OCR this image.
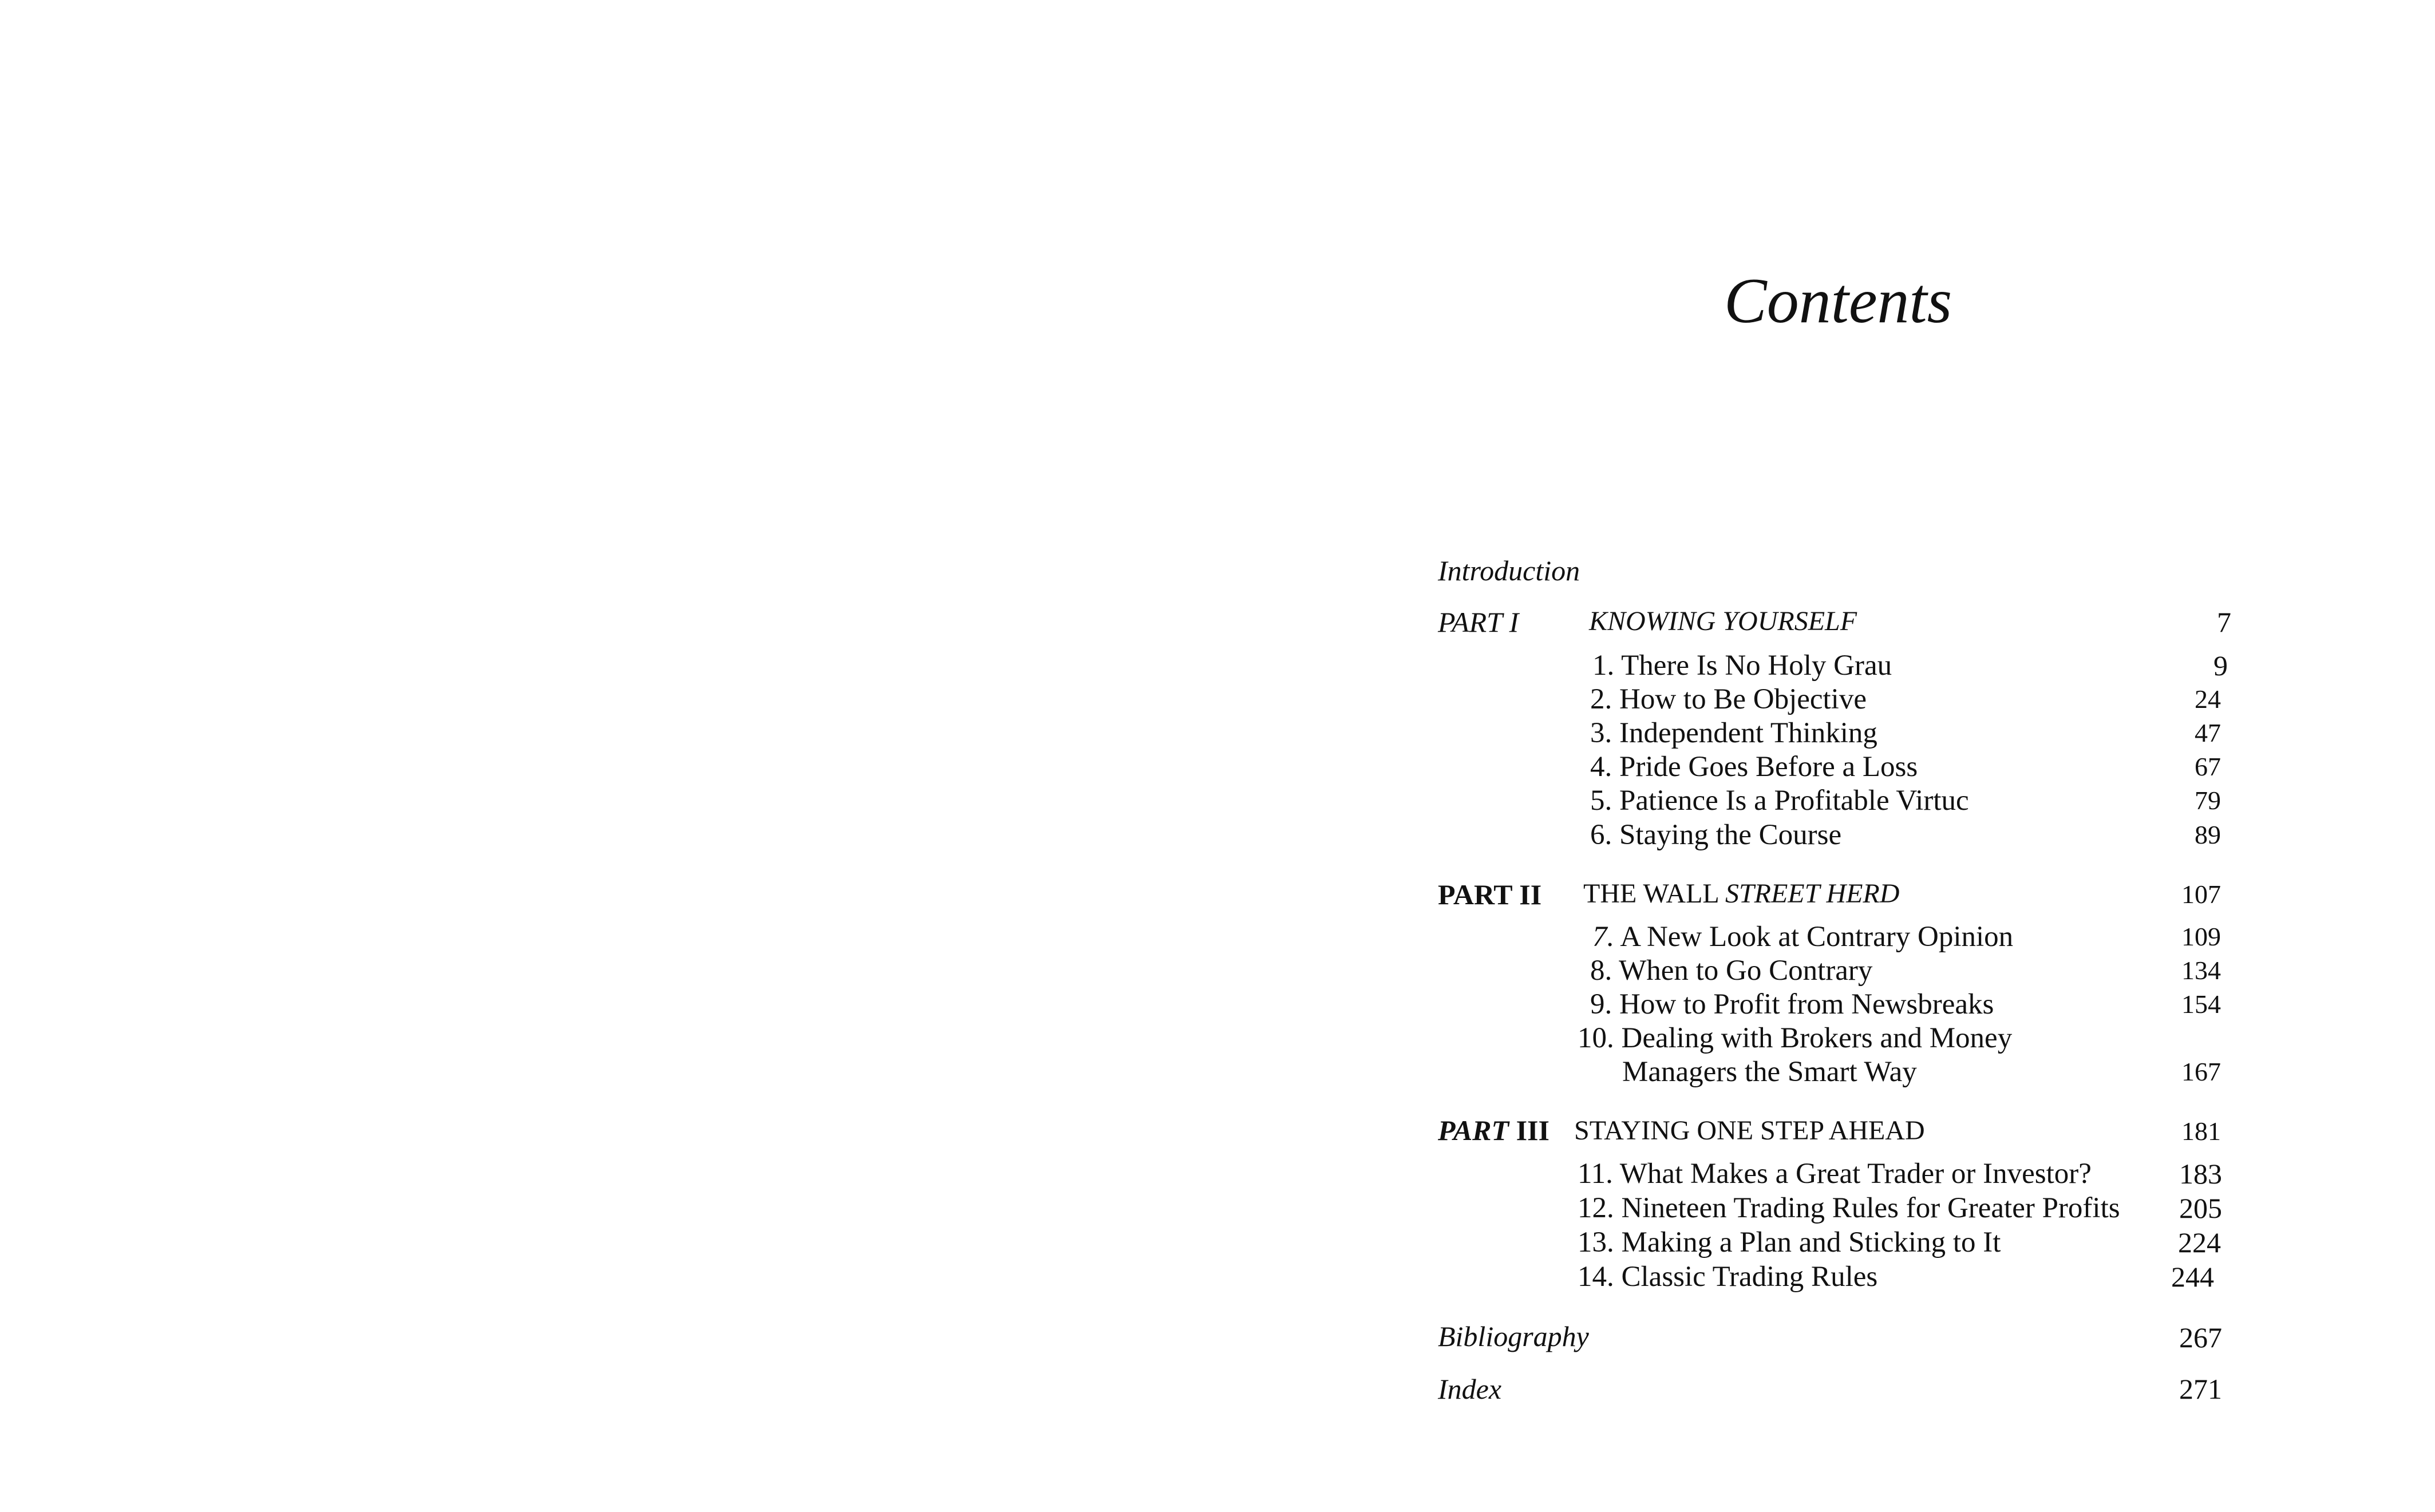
Contents
Introduction
PART I	KNOWING YOURSELF	7
1. There Is No Holy Grau	9
2. How to Be Objective	24
3. Independent Thinking	47
4. Pride Goes Before a Loss	67
5. Patience Is a Profitable Virtuc	79
6. Staying the Course	89
PART II THE WALL STREET HERD	107
7. A New Look at Contrary Opinion	109
8. When to Go Contrary	134
9. How to Profit from Newsbreaks	154
10. Dealing with Brokers and Money
Managers the Smart Way	167
PART III STAYING ONE STEP AHEAD	181
11. What Makes a Great Trader or Investor?	183
12. Nineteen Trading Rules for Greater Profits	205
13. Making a Plan and Sticking to It	224
14. Classic Trading Rules	244
Bibliography	267
Index	271
